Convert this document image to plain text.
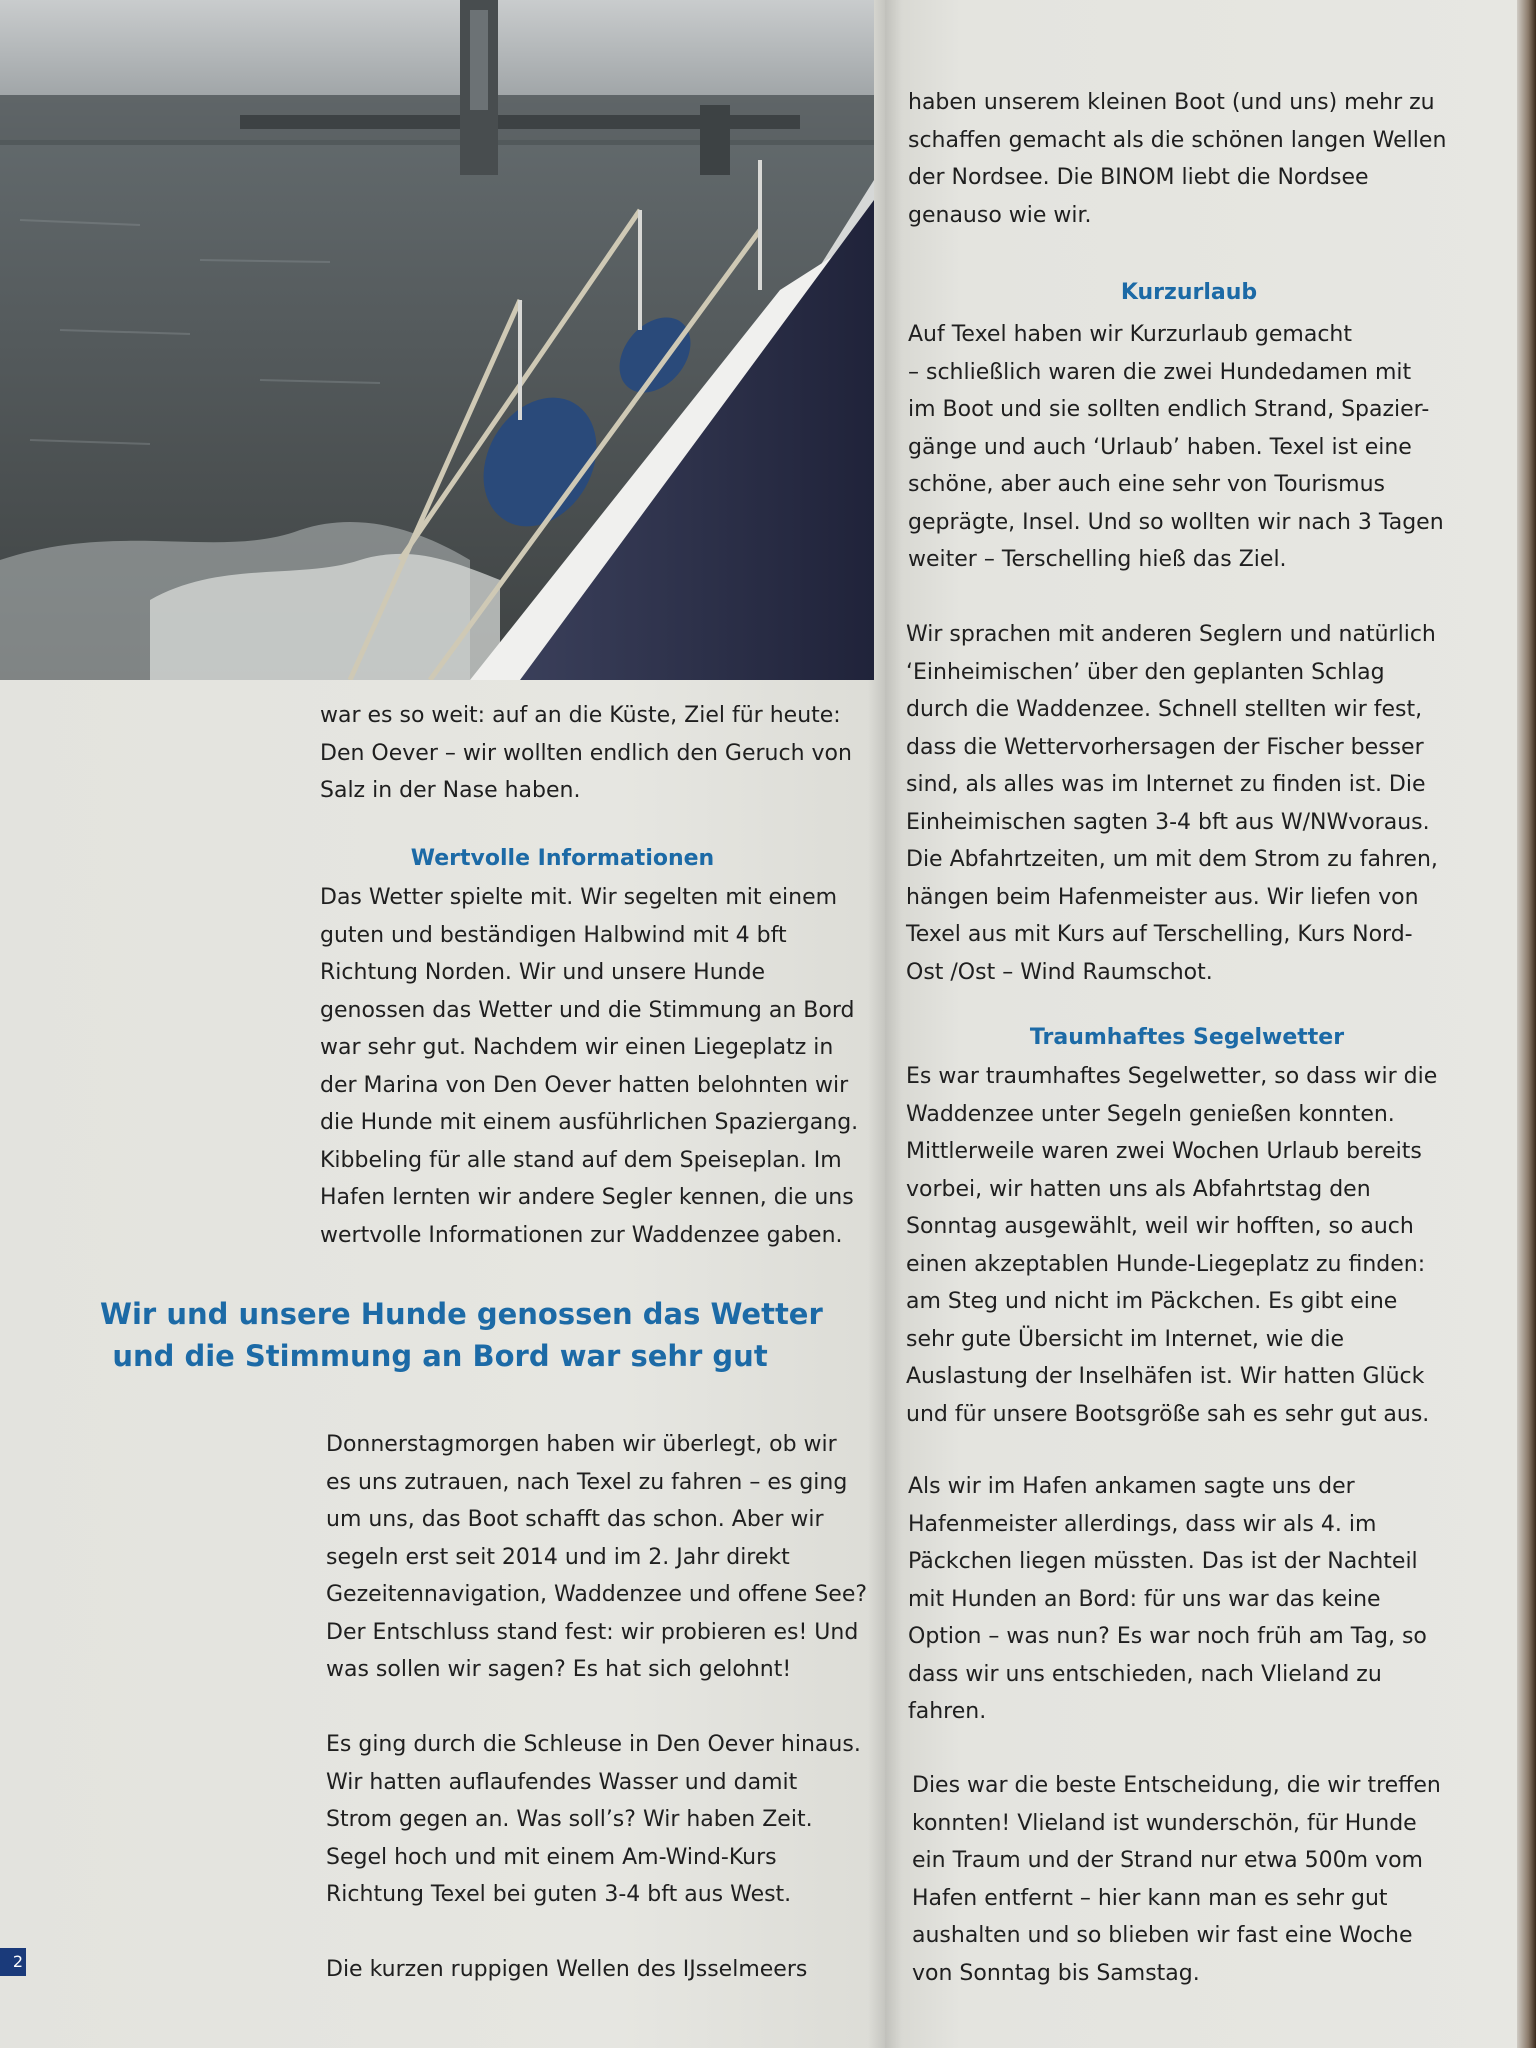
war es so weit: auf an die Küste, Ziel für heute:

Den Oever – wir wollten endlich den Geruch von

Salz in der Nase haben.

Wertvolle Informationen

Das Wetter spielte mit. Wir segelten mit einem

guten und beständigen Halbwind mit 4 bft

Richtung Norden. Wir und unsere Hunde

genossen das Wetter und die Stimmung an Bord

war sehr gut. Nachdem wir einen Liegeplatz in

der Marina von Den Oever hatten belohnten wir

die Hunde mit einem ausführlichen Spaziergang.

Kibbeling für alle stand auf dem Speiseplan. Im

Hafen lernten wir andere Segler kennen, die uns

wertvolle Informationen zur Waddenzee gaben.

Wir und unsere Hunde genossen das Wetter
und die Stimmung an Bord war sehr gut

Donnerstagmorgen haben wir überlegt, ob wir

es uns zutrauen, nach Texel zu fahren – es ging

um uns, das Boot schafft das schon. Aber wir

segeln erst seit 2014 und im 2. Jahr direkt

Gezeitennavigation, Waddenzee und offene See?

Der Entschluss stand fest: wir probieren es! Und

was sollen wir sagen? Es hat sich gelohnt!

Es ging durch die Schleuse in Den Oever hinaus.

Wir hatten auflaufendes Wasser und damit

Strom gegen an. Was soll’s? Wir haben Zeit.

Segel hoch und mit einem Am-Wind-Kurs

Richtung Texel bei guten 3-4 bft aus West.

Die kurzen ruppigen Wellen des IJsselmeers

2

haben unserem kleinen Boot (und uns) mehr zu

schaffen gemacht als die schönen langen Wellen

der Nordsee. Die BINOM liebt die Nordsee

genauso wie wir.

Kurzurlaub

Auf Texel haben wir Kurzurlaub gemacht

– schließlich waren die zwei Hundedamen mit

im Boot und sie sollten endlich Strand, Spazier-

gänge und auch ‘Urlaub’ haben. Texel ist eine

schöne, aber auch eine sehr von Tourismus

geprägte, Insel. Und so wollten wir nach 3 Tagen

weiter – Terschelling hieß das Ziel.

Wir sprachen mit anderen Seglern und natürlich

‘Einheimischen’ über den geplanten Schlag

durch die Waddenzee. Schnell stellten wir fest,

dass die Wettervorhersagen der Fischer besser

sind, als alles was im Internet zu finden ist. Die

Einheimischen sagten 3-4 bft aus W/NWvoraus.

Die Abfahrtzeiten, um mit dem Strom zu fahren,

hängen beim Hafenmeister aus. Wir liefen von

Texel aus mit Kurs auf Terschelling, Kurs Nord-

Ost /Ost – Wind Raumschot.

Traumhaftes Segelwetter

Es war traumhaftes Segelwetter, so dass wir die

Waddenzee unter Segeln genießen konnten.

Mittlerweile waren zwei Wochen Urlaub bereits

vorbei, wir hatten uns als Abfahrtstag den

Sonntag ausgewählt, weil wir hofften, so auch

einen akzeptablen Hunde-Liegeplatz zu finden:

am Steg und nicht im Päckchen. Es gibt eine

sehr gute Übersicht im Internet, wie die

Auslastung der Inselhäfen ist. Wir hatten Glück

und für unsere Bootsgröße sah es sehr gut aus.

Als wir im Hafen ankamen sagte uns der

Hafenmeister allerdings, dass wir als 4. im

Päckchen liegen müssten. Das ist der Nachteil

mit Hunden an Bord: für uns war das keine

Option – was nun? Es war noch früh am Tag, so

dass wir uns entschieden, nach Vlieland zu

fahren.

Dies war die beste Entscheidung, die wir treffen

konnten! Vlieland ist wunderschön, für Hunde

ein Traum und der Strand nur etwa 500m vom

Hafen entfernt – hier kann man es sehr gut

aushalten und so blieben wir fast eine Woche

von Sonntag bis Samstag.
